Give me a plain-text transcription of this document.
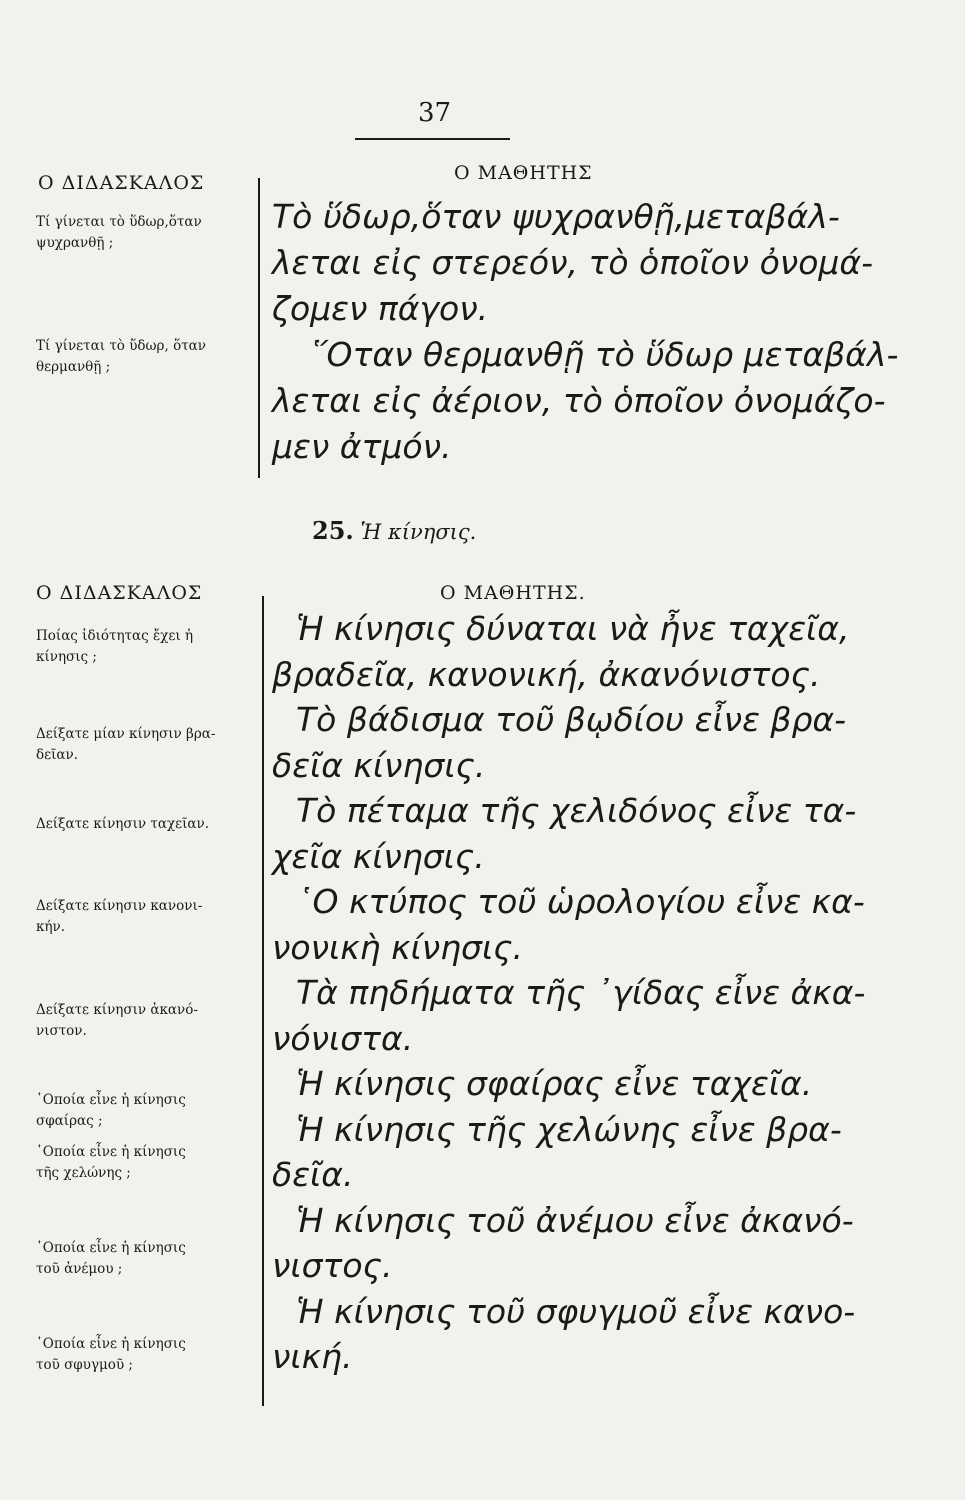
37
Ο ΔΙΔΑΣΚΑΛΟΣ	Ο ΜΑΘΗΤΗΣ
Τί γίνεται τὸ ὕδωρ,ὅταν
ψυχρανθῇ ;
Τί γίνεται τὸ ὕδωρ, ὅταν
θερμανθῇ ;
Τὸ ὕδωρ,ὅταν ψυχρανθῇ,μεταβάλ-
λεται εἰς στερεόν, τὸ ὁποῖον ὀνομά-
ζομεν πάγον.
῞Οταν θερμανθῇ τὸ ὕδωρ μεταβάλ-
λεται εἰς ἀέριον, τὸ ὁποῖον ὀνομάζο-
μεν ἀτμόν.
25. Ἡ κίνησις.
Ο ΔΙΔΑΣΚΑΛΟΣ	Ο ΜΑΘΗΤΗΣ.
Ποίας ἰδιότητας ἔχει ἡ
κίνησις ;
Δείξατε μίαν κίνησιν βρα-
δεῖαν.
Δείξατε κίνησιν ταχεῖαν.
Δείξατε κίνησιν κανονι-
κήν.
Δείξατε κίνησιν ἀκανό-
νιστον.
῾Οποία εἶνε ἡ κίνησις
σφαίρας ;
῾Οποία εἶνε ἡ κίνησις
τῆς χελώνης ;
῾Οποία εἶνε ἡ κίνησις
τοῦ ἀνέμου ;
῾Οποία εἶνε ἡ κίνησις
τοῦ σφυγμοῦ ;
Ἡ κίνησις δύναται νὰ ἦνε ταχεῖα,
βραδεῖα, κανονική, ἀκανόνιστος.
Τὸ βάδισμα τοῦ βῳδίου εἶνε βρα-
δεῖα κίνησις.
Τὸ πέταμα τῆς χελιδόνος εἶνε τα-
χεῖα κίνησις.
῾Ο κτύπος τοῦ ὡρολογίου εἶνε κα-
νονικὴ κίνησις.
Τὰ πηδήματα τῆς ᾿γίδας εἶνε ἀκα-
νόνιστα.
Ἡ κίνησις σφαίρας εἶνε ταχεῖα.
Ἡ κίνησις τῆς χελώνης εἶνε βρα-
δεῖα.
Ἡ κίνησις τοῦ ἀνέμου εἶνε ἀκανό-
νιστος.
Ἡ κίνησις τοῦ σφυγμοῦ εἶνε κανο-
νική.
